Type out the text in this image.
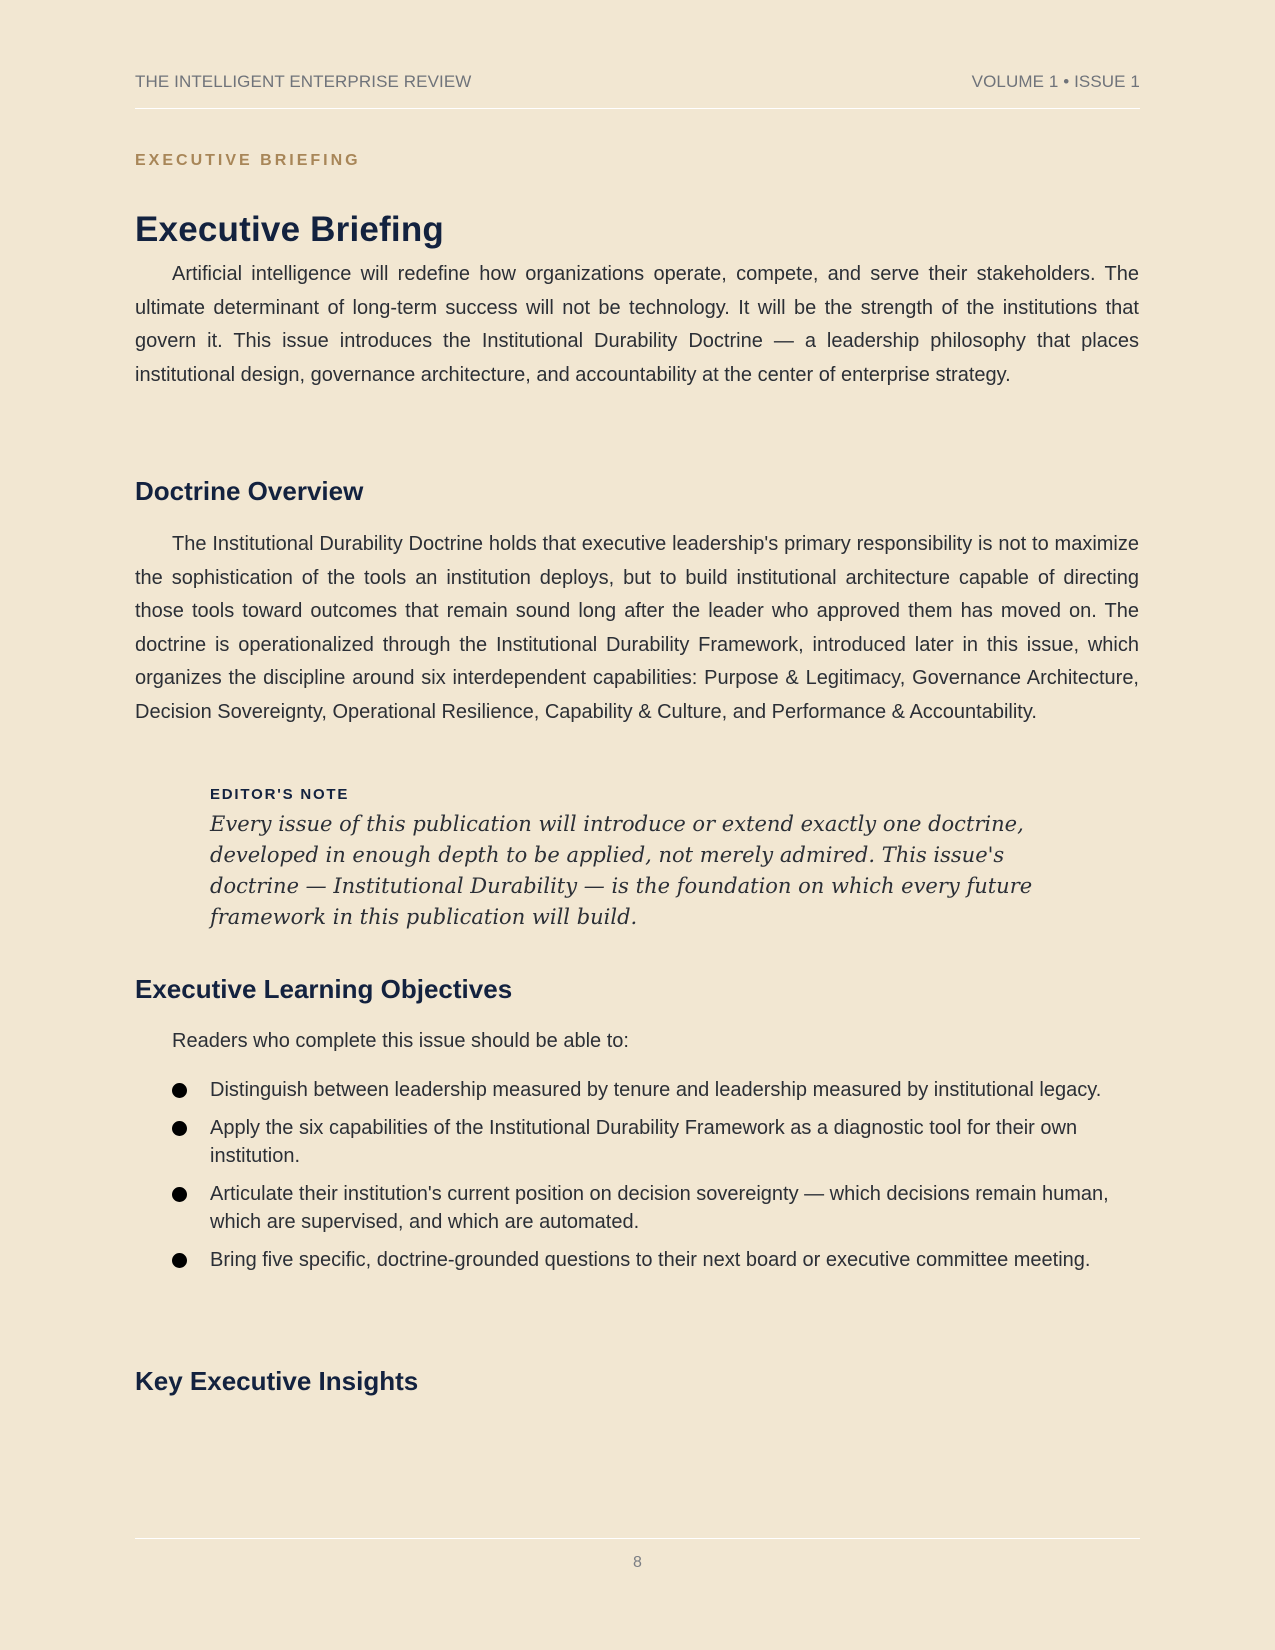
THE INTELLIGENT ENTERPRISE REVIEW	VOLUME 1 • ISSUE 1
EXECUTIVE BRIEFING
Executive Briefing

Artificial intelligence will redefine how organizations operate, compete, and serve their stakeholders. The ultimate determinant of long-term success will not be technology. It will be the strength of the institutions that govern it. This issue introduces the Institutional Durability Doctrine — a leadership philosophy that places institutional design, governance architecture, and accountability at the center of enterprise strategy.

Doctrine Overview

The Institutional Durability Doctrine holds that executive leadership's primary responsibility is not to maximize the sophistication of the tools an institution deploys, but to build institutional architecture capable of directing those tools toward outcomes that remain sound long after the leader who approved them has moved on. The doctrine is operationalized through the Institutional Durability Framework, introduced later in this issue, which organizes the discipline around six interdependent capabilities: Purpose & Legitimacy, Governance Architecture, Decision Sovereignty, Operational Resilience, Capability & Culture, and Performance & Accountability.

EDITOR'S NOTE

Every issue of this publication will introduce or extend exactly one doctrine, developed in enough depth to be applied, not merely admired. This issue's doctrine — Institutional Durability — is the foundation on which every future framework in this publication will build.

Executive Learning Objectives

Readers who complete this issue should be able to:

Distinguish between leadership measured by tenure and leadership measured by institutional legacy.
Apply the six capabilities of the Institutional Durability Framework as a diagnostic tool for their own institution.
Articulate their institution's current position on decision sovereignty — which decisions remain human, which are supervised, and which are automated.
Bring five specific, doctrine-grounded questions to their next board or executive committee meeting.
Key Executive Insights
8
